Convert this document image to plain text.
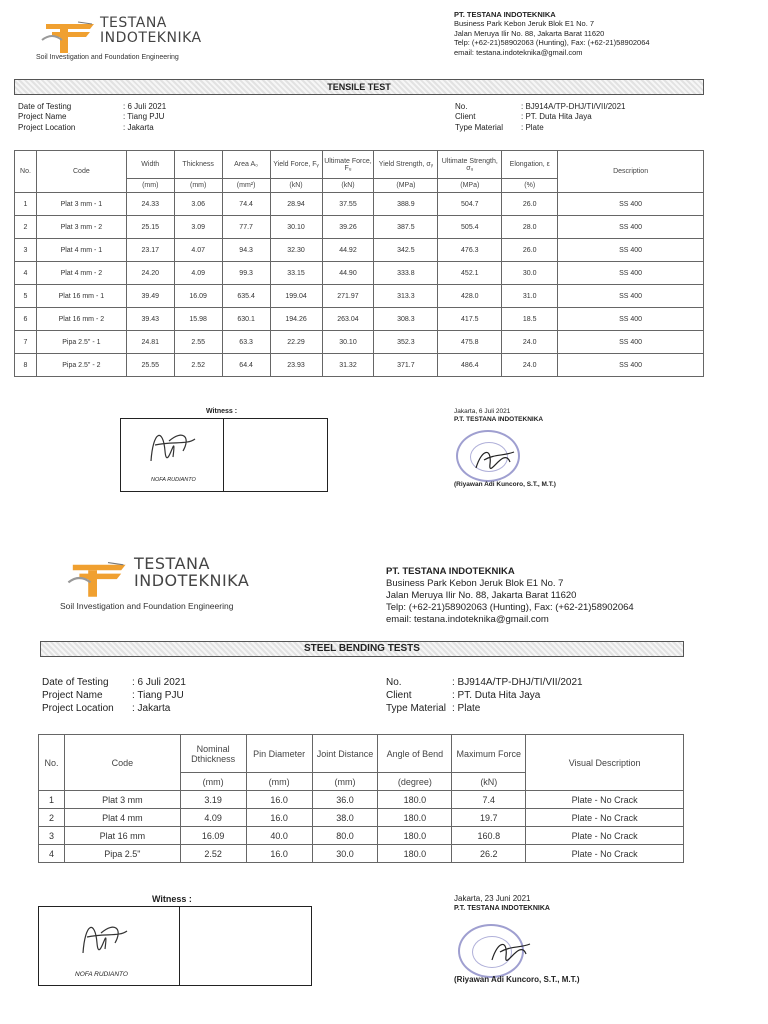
TESTANA
INDOTEKNIKA
Soil Investigation and Foundation Engineering
PT. TESTANA INDOTEKNIKA
Business Park Kebon Jeruk Blok E1 No. 7
Jalan Meruya Ilir No. 88, Jakarta Barat 11620
Telp: (+62-21)58902063 (Hunting), Fax: (+62-21)58902064
email: testana.indoteknika@gmail.com
TENSILE TEST
Date of Testing	: 6 Juli 2021
Project Name	: Tiang PJU
Project Location	: Jakarta
No.	: BJ914A/TP-DHJ/TI/VII/2021
Client	: PT. Duta Hita Jaya
Type Material	: Plate
No.	Code	Width	Thickness	Area A₀	Yield Force, Fᵧ	Ultimate Force, Fᵤ	Yield Strength, σᵧ	Ultimate Strength, σᵤ	Elongation, ε	Description
		(mm)	(mm)	(mm²)	(kN)	(kN)	(MPa)	(MPa)	(%)	
1	Plat 3 mm - 1	24.33	3.06	74.4	28.94	37.55	388.9	504.7	26.0	SS 400
2	Plat 3 mm - 2	25.15	3.09	77.7	30.10	39.26	387.5	505.4	28.0	SS 400
3	Plat 4 mm - 1	23.17	4.07	94.3	32.30	44.92	342.5	476.3	26.0	SS 400
4	Plat 4 mm - 2	24.20	4.09	99.3	33.15	44.90	333.8	452.1	30.0	SS 400
5	Plat 16 mm - 1	39.49	16.09	635.4	199.04	271.97	313.3	428.0	31.0	SS 400
6	Plat 16 mm - 2	39.43	15.98	630.1	194.26	263.04	308.3	417.5	18.5	SS 400
7	Pipa 2.5" - 1	24.81	2.55	63.3	22.29	30.10	352.3	475.8	24.0	SS 400
8	Pipa 2.5" - 2	25.55	2.52	64.4	23.93	31.32	371.7	486.4	24.0	SS 400
Witness :
NOFA RUDIANTO
Jakarta, 6 Juli 2021
P.T. TESTANA INDOTEKNIKA
(Riyawan Adi Kuncoro, S.T., M.T.)
TESTANA
INDOTEKNIKA
Soil Investigation and Foundation Engineering
PT. TESTANA INDOTEKNIKA
Business Park Kebon Jeruk Blok E1 No. 7
Jalan Meruya Ilir No. 88, Jakarta Barat 11620
Telp: (+62-21)58902063 (Hunting), Fax: (+62-21)58902064
email: testana.indoteknika@gmail.com
STEEL BENDING TESTS
Date of Testing	: 6 Juli 2021
Project Name	: Tiang PJU
Project Location	: Jakarta
No.	: BJ914A/TP-DHJ/TI/VII/2021
Client	: PT. Duta Hita Jaya
Type Material : Plate
No.	Code	Nominal Dthickness	Pin Diameter	Joint Distance	Angle of Bend	Maximum Force	Visual Description
		(mm)	(mm)	(mm)	(degree)	(kN)	
1	Plat 3 mm	3.19	16.0	36.0	180.0	7.4	Plate - No Crack
2	Plat 4 mm	4.09	16.0	38.0	180.0	19.7	Plate - No Crack
3	Plat 16 mm	16.09	40.0	80.0	180.0	160.8	Plate - No Crack
4	Pipa 2.5"	2.52	16.0	30.0	180.0	26.2	Plate - No Crack
Witness :
NOFA RUDIANTO
Jakarta, 23 Juni 2021
P.T. TESTANA INDOTEKNIKA
(Riyawan Adi Kuncoro, S.T., M.T.)
